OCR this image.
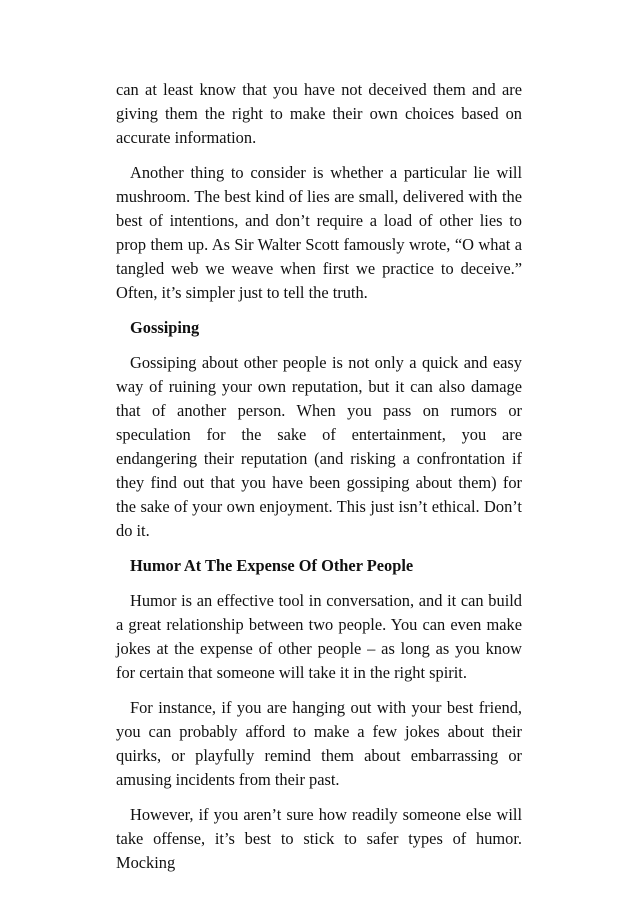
can at least know that you have not deceived them and are giving them the right to make their own choices based on accurate information.

Another thing to consider is whether a particular lie will mushroom. The best kind of lies are small, delivered with the best of intentions, and don’t require a load of other lies to prop them up. As Sir Walter Scott famously wrote, “O what a tangled web we weave when first we practice to deceive.” Often, it’s simpler just to tell the truth.

Gossiping

Gossiping about other people is not only a quick and easy way of ruining your own reputation, but it can also damage that of another person. When you pass on rumors or speculation for the sake of entertainment, you are endangering their reputation (and risking a confrontation if they find out that you have been gossiping about them) for the sake of your own enjoyment. This just isn’t ethical. Don’t do it.

Humor At The Expense Of Other People

Humor is an effective tool in conversation, and it can build a great relationship between two people. You can even make jokes at the expense of other people – as long as you know for certain that someone will take it in the right spirit.

For instance, if you are hanging out with your best friend, you can probably afford to make a few jokes about their quirks, or playfully remind them about embarrassing or amusing incidents from their past.

However, if you aren’t sure how readily someone else will take offense, it’s best to stick to safer types of humor. Mocking
